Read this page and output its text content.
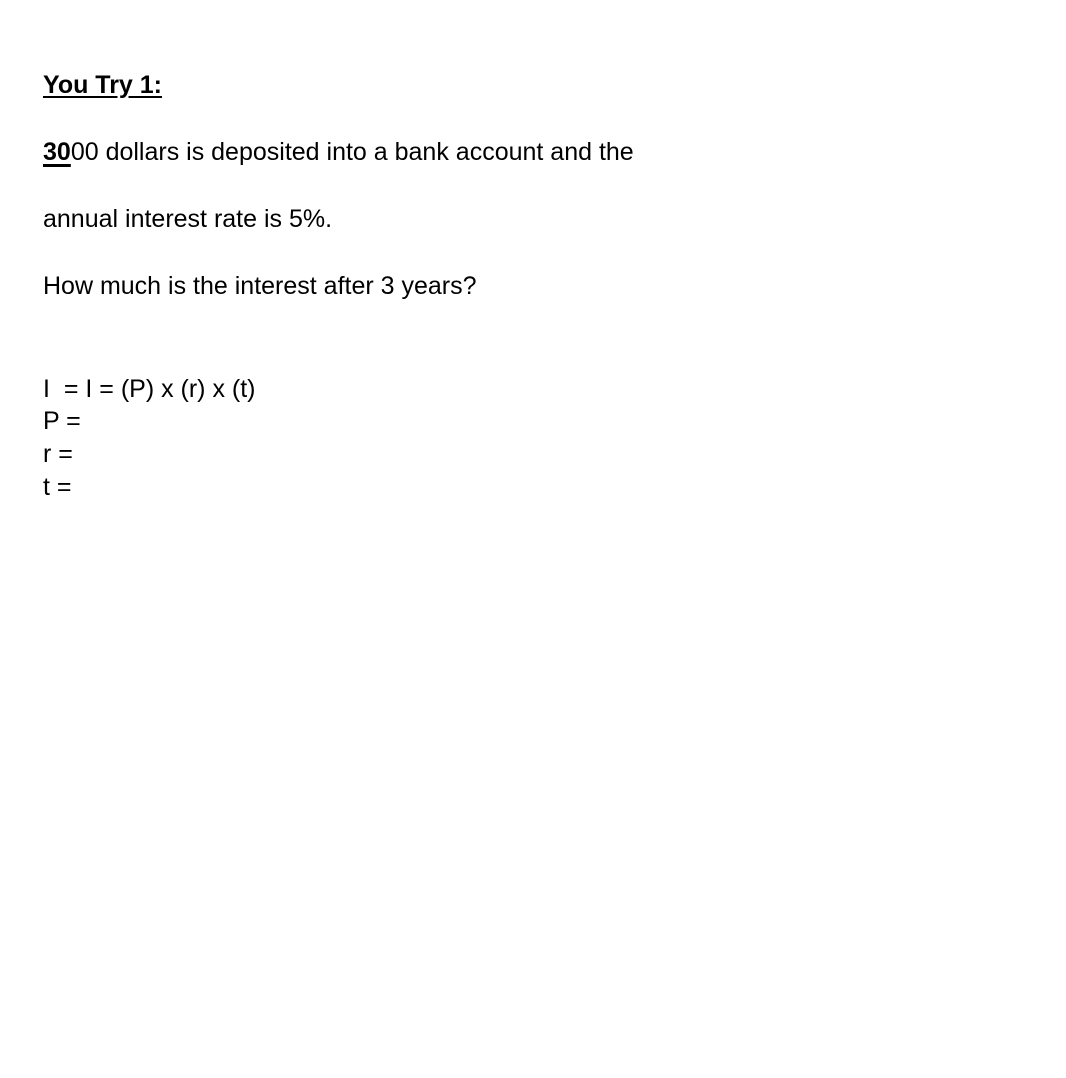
You Try 1:
3000 dollars is deposited into a bank account and the
annual interest rate is 5%.
How much is the interest after 3 years?
I  = I = (P) x (r) x (t)
P =
r =
t =
